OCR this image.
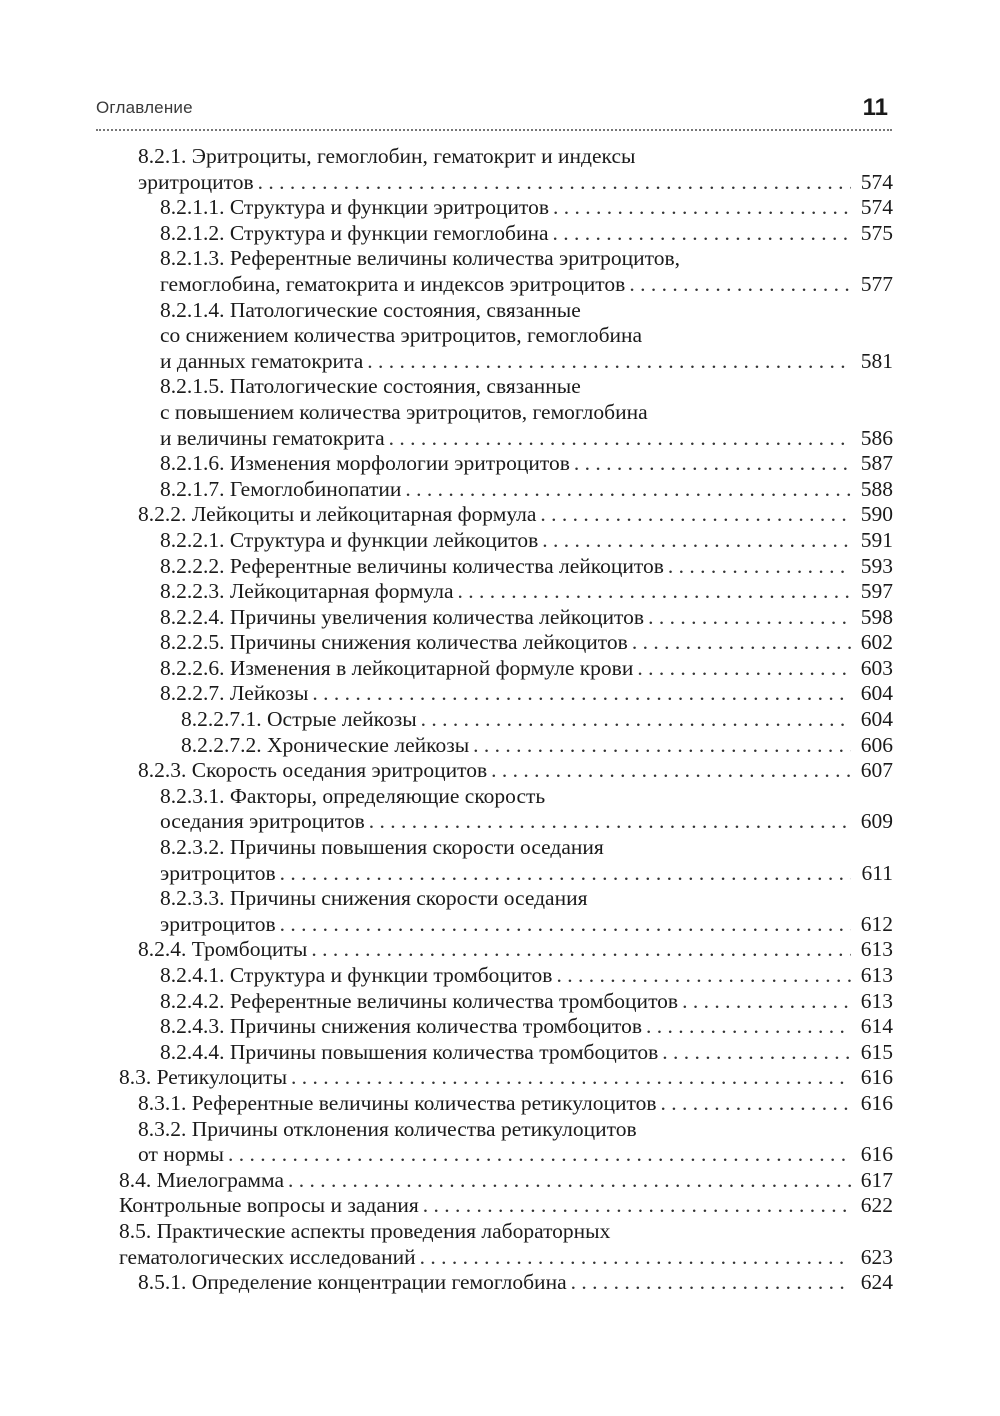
Оглавление	11
8.2.1. Эритроциты, гемоглобин, гематокрит и индексы
эритроцитов . . .	574
8.2.1.1. Структура и функции эритроцитов . . .	574
8.2.1.2. Структура и функции гемоглобина . . .	575
8.2.1.3. Референтные величины количества эритроцитов,
гемоглобина, гематокрита и индексов эритроцитов . . .	577
8.2.1.4. Патологические состояния, связанные
со снижением количества эритроцитов, гемоглобина
и данных гематокрита . . .	581
8.2.1.5. Патологические состояния, связанные
с повышением количества эритроцитов, гемоглобина
и величины гематокрита . . .	586
8.2.1.6. Изменения морфологии эритроцитов . . .	587
8.2.1.7. Гемоглобинопатии . . .	588
8.2.2. Лейкоциты и лейкоцитарная формула . . .	590
8.2.2.1. Структура и функции лейкоцитов . . .	591
8.2.2.2. Референтные величины количества лейкоцитов . . .	593
8.2.2.3. Лейкоцитарная формула . . .	597
8.2.2.4. Причины увеличения количества лейкоцитов . . .	598
8.2.2.5. Причины снижения количества лейкоцитов . . .	602
8.2.2.6. Изменения в лейкоцитарной формуле крови . . .	603
8.2.2.7. Лейкозы . . .	604
8.2.2.7.1. Острые лейкозы . . .	604
8.2.2.7.2. Хронические лейкозы . . .	606
8.2.3. Скорость оседания эритроцитов . . .	607
8.2.3.1. Факторы, определяющие скорость
оседания эритроцитов . . .	609
8.2.3.2. Причины повышения скорости оседания
эритроцитов . . .	611
8.2.3.3. Причины снижения скорости оседания
эритроцитов . . .	612
8.2.4. Тромбоциты . . .	613
8.2.4.1. Структура и функции тромбоцитов . . .	613
8.2.4.2. Референтные величины количества тромбоцитов . . .	613
8.2.4.3. Причины снижения количества тромбоцитов . . .	614
8.2.4.4. Причины повышения количества тромбоцитов . . .	615
8.3. Ретикулоциты . . .	616
8.3.1. Референтные величины количества ретикулоцитов . . .	616
8.3.2. Причины отклонения количества ретикулоцитов
от нормы . . .	616
8.4. Миелограмма . . .	617
Контрольные вопросы и задания . . .	622
8.5. Практические аспекты проведения лабораторных
гематологических исследований . . .	623
8.5.1. Определение концентрации гемоглобина . . .	624
